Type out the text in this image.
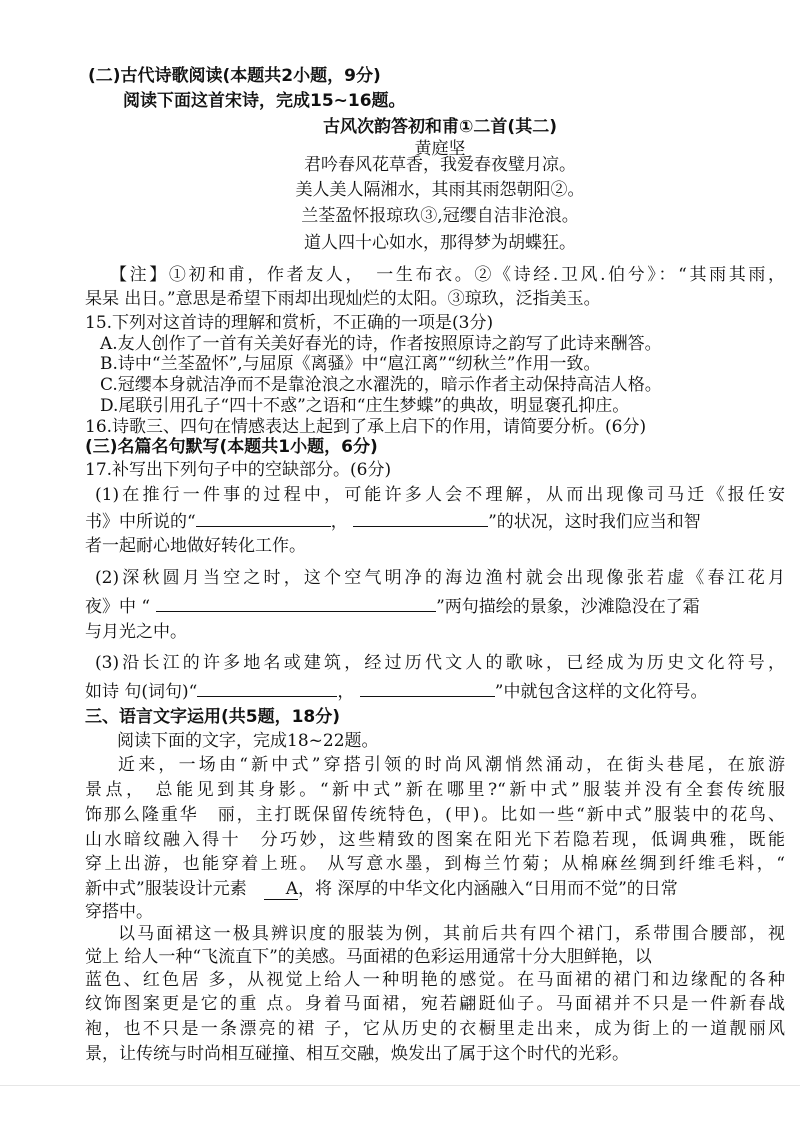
(二)古代诗歌阅读(本题共2小题，9分)
阅读下面这首宋诗，完成15~16题。
古风次韵答初和甫①二首(其二)
黄庭坚
君吟春风花草香，我爱春夜璧月凉。
美人美人隔湘水，其雨其雨怨朝阳②。
兰荃盈怀报琼玖③,冠缨自洁非沧浪。
道人四十心如水，那得梦为胡蝶狂。
【注】①初和甫，作者友人，　一生布衣。②《诗经.卫风.伯兮》：“其雨其雨，
杲杲 出日。”意思是希望下雨却出现灿烂的太阳。③琼玖，泛指美玉。
15.下列对这首诗的理解和赏析，不正确的一项是(3分)
A.友人创作了一首有关美好春光的诗，作者按照原诗之韵写了此诗来酬答。
B.诗中“兰荃盈怀”,与屈原《离骚》中“扈江离”“纫秋兰”作用一致。
C.冠缨本身就洁净而不是靠沧浪之水濯洗的，暗示作者主动保持高洁人格。
D.尾联引用孔子“四十不惑”之语和“庄生梦蝶”的典故，明显褒孔抑庄。
16.诗歌三、四句在情感表达上起到了承上启下的作用，请简要分析。(6分)
(三)名篇名句默写(本题共1小题，6分)
17.补写出下列句子中的空缺部分。(6分)
(1)在推行一件事的过程中，可能许多人会不理解，从而出现像司马迁《报任安
书》中所说的“	，	”的状况，这时我们应当和智
者一起耐心地做好转化工作。
(2)深秋圆月当空之时，这个空气明净的海边渔村就会出现像张若虚《春江花月
夜》中 “	”两句描绘的景象，沙滩隐没在了霜
与月光之中。
(3)沿长江的许多地名或建筑，经过历代文人的歌咏，已经成为历史文化符号，
如诗 句(词句)“	，	”中就包含这样的文化符号。
三、语言文字运用(共5题，18分)
阅读下面的文字，完成18~22题。
近来，一场由“新中式”穿搭引领的时尚风潮悄然涌动，在街头巷尾，在旅游
景点， 总能见到其身影。“新中式”新在哪里?“新中式”服装并没有全套传统服
饰那么隆重华　丽，主打既保留传统特色，(甲)。比如一些“新中式”服装中的花鸟、
山水暗纹融入得十　分巧妙，这些精致的图案在阳光下若隐若现，低调典雅，既能
穿上出游，也能穿着上班。 从写意水墨，到梅兰竹菊；从棉麻丝绸到纤维毛料，“
新中式”服装设计元素　A，将 深厚的中华文化内涵融入“日用而不觉”的日常
穿搭中。
以马面裙这一极具辨识度的服装为例，其前后共有四个裙门，系带围合腰部，视
觉上 给人一种“飞流直下”的美感。马面裙的色彩运用通常十分大胆鲜艳，以
蓝色、红色居 多，从视觉上给人一种明艳的感觉。在马面裙的裙门和边缘配的各种
纹饰图案更是它的重 点。身着马面裙，宛若翩跹仙子。马面裙并不只是一件新春战
袍，也不只是一条漂亮的裙 子，它从历史的衣橱里走出来，成为街上的一道靓丽风
景，让传统与时尚相互碰撞、相互交融，焕发出了属于这个时代的光彩。
